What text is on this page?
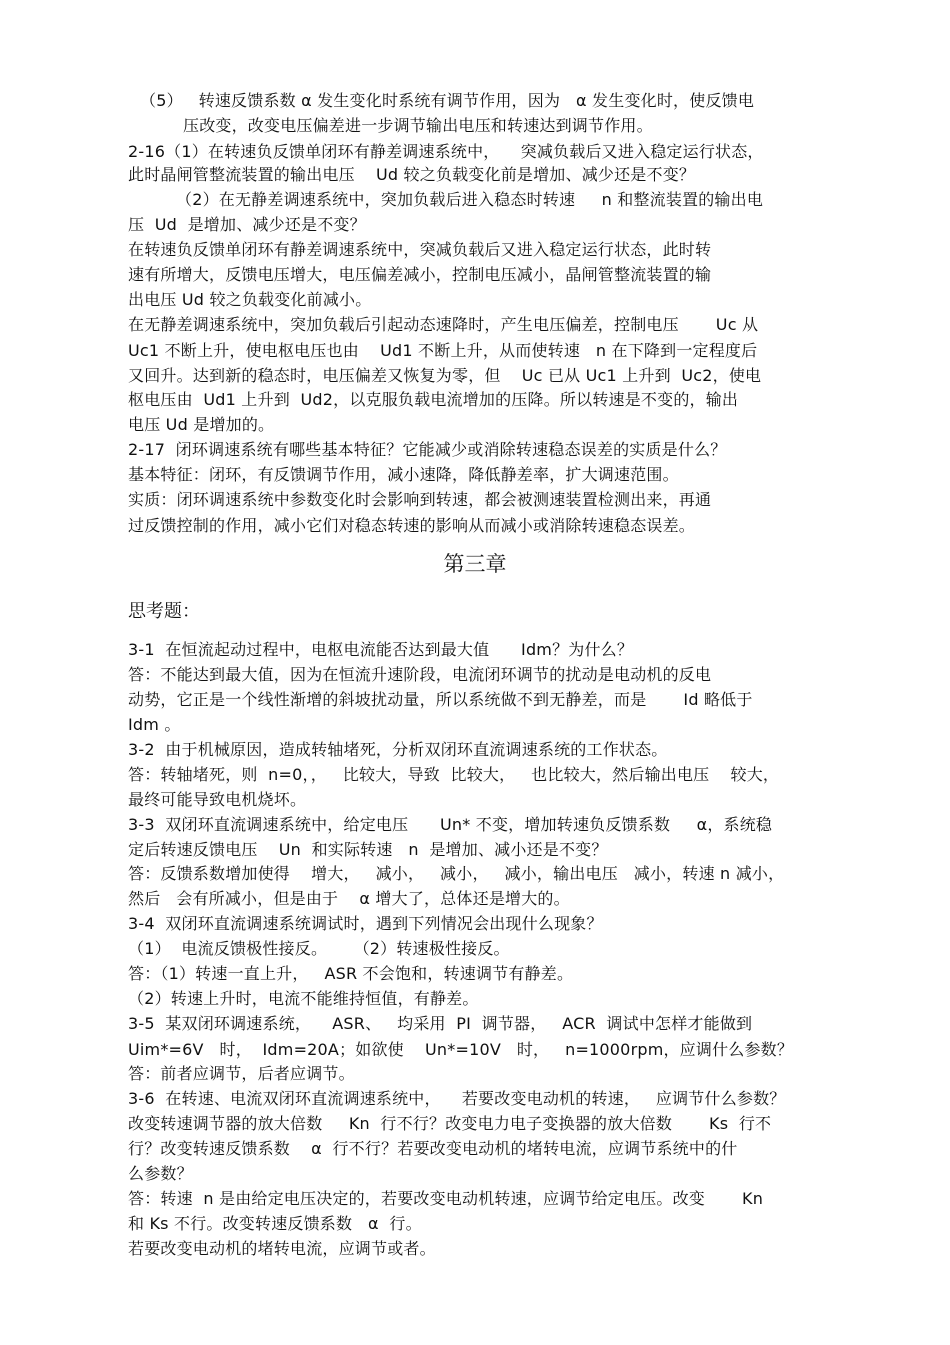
（5）   转速反馈系数 α 发生变化时系统有调节作用，因为   α 发生变化时，使反馈电

压改变，改变电压偏差进一步调节输出电压和转速达到调节作用。

2-16（1）在转速负反馈单闭环有静差调速系统中，    突减负载后又进入稳定运行状态，

此时晶闸管整流装置的输出电压    Ud 较之负载变化前是增加、减少还是不变？

（2）在无静差调速系统中，突加负载后进入稳态时转速     n 和整流装置的输出电

压  Ud  是增加、减少还是不变？

在转速负反馈单闭环有静差调速系统中，突减负载后又进入稳定运行状态，此时转

速有所增大，反馈电压增大，电压偏差减小，控制电压减小，晶闸管整流装置的输

出电压 Ud 较之负载变化前减小。

在无静差调速系统中，突加负载后引起动态速降时，产生电压偏差，控制电压       Uc 从

Uc1 不断上升，使电枢电压也由    Ud1 不断上升，从而使转速   n 在下降到一定程度后

又回升。达到新的稳态时，电压偏差又恢复为零，但    Uc 已从 Uc1 上升到  Uc2，使电

枢电压由  Ud1 上升到  Ud2，以克服负载电流增加的压降。所以转速是不变的，输出

电压 Ud 是增加的。

2-17  闭环调速系统有哪些基本特征？它能减少或消除转速稳态误差的实质是什么？

基本特征：闭环，有反馈调节作用，减小速降，降低静差率，扩大调速范围。

实质：闭环调速系统中参数变化时会影响到转速，都会被测速装置检测出来，再通

过反馈控制的作用，减小它们对稳态转速的影响从而减小或消除转速稳态误差。

第三章

思考题：

3-1  在恒流起动过程中，电枢电流能否达到最大值      Idm？为什么？

答：不能达到最大值，因为在恒流升速阶段，电流闭环调节的扰动是电动机的反电

动势，它正是一个线性渐增的斜坡扰动量，所以系统做不到无静差，而是       Id 略低于

Idm 。

3-2  由于机械原因，造成转轴堵死，分析双闭环直流调速系统的工作状态。

答：转轴堵死，则  n=0，，   比较大，导致  比较大，   也比较大，然后输出电压    较大，

最终可能导致电机烧坏。

3-3  双闭环直流调速系统中，给定电压      Un* 不变，增加转速负反馈系数     α，系统稳

定后转速反馈电压    Un  和实际转速   n  是增加、减小还是不变？

答：反馈系数增加使得    增大，   减小，   减小，   减小，输出电压   减小，转速 n 减小，

然后   会有所减小，但是由于    α 增大了，总体还是增大的。

3-4  双闭环直流调速系统调试时，遇到下列情况会出现什么现象？

（1）  电流反馈极性接反。     （2）转速极性接反。

答：（1）转速一直上升，   ASR 不会饱和，转速调节有静差。

（2）转速上升时，电流不能维持恒值，有静差。

3-5  某双闭环调速系统，    ASR、   均采用  PI  调节器，   ACR  调试中怎样才能做到

Uim*=6V   时，  Idm=20A；如欲使    Un*=10V   时，   n=1000rpm，应调什么参数？

答：前者应调节，后者应调节。

3-6  在转速、电流双闭环直流调速系统中，    若要改变电动机的转速，   应调节什么参数？

改变转速调节器的放大倍数     Kn  行不行？改变电力电子变换器的放大倍数       Ks  行不

行？改变转速反馈系数    α  行不行？若要改变电动机的堵转电流，应调节系统中的什

么参数？

答：转速  n 是由给定电压决定的，若要改变电动机转速，应调节给定电压。改变       Kn

和 Ks 不行。改变转速反馈系数   α  行。

若要改变电动机的堵转电流，应调节或者。
